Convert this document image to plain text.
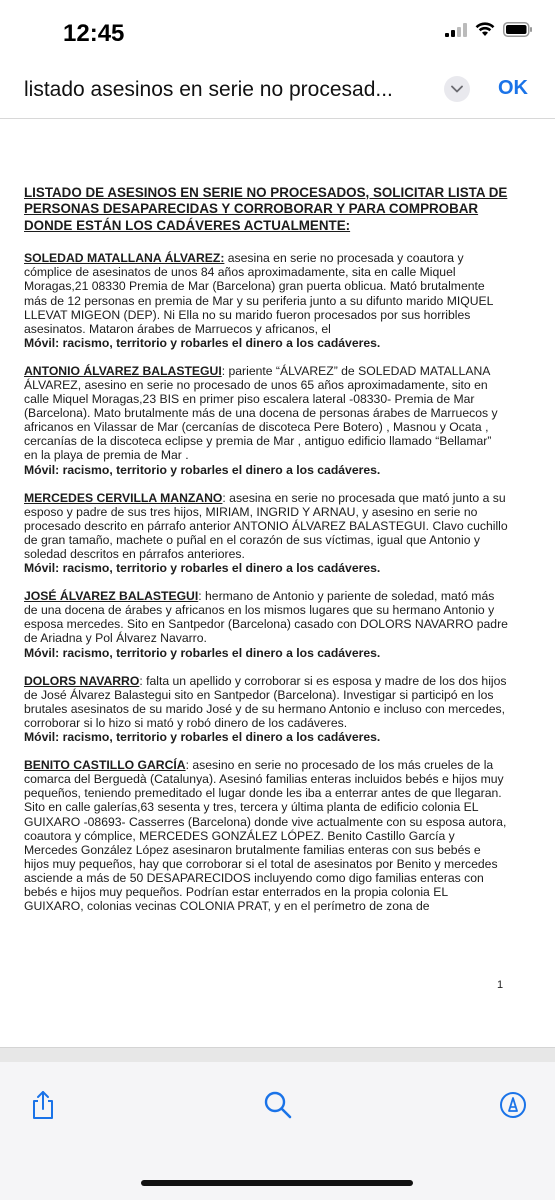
12:45
listado asesinos en serie no procesad...	OK
LISTADO DE ASESINOS EN SERIE NO PROCESADOS, SOLICITAR LISTA DE PERSONAS DESAPARECIDAS Y CORROBORAR Y PARA COMPROBAR DONDE ESTÁN LOS CADÁVERES ACTUALMENTE:
SOLEDAD MATALLANA ÁLVAREZ: asesina en serie no procesada y coautora y cómplice de asesinatos de unos 84 años aproximadamente, sita en calle Miquel Moragas,21 08330 Premia de Mar (Barcelona) gran puerta oblicua. Mató brutalmente más de 12 personas en premia de Mar y su periferia junto a su difunto marido MIQUEL LLEVAT MIGEON (DEP). Ni Ella no su marido fueron procesados por sus horribles asesinatos. Mataron árabes de Marruecos y africanos, el
Móvil: racismo, territorio y robarles el dinero a los cadáveres.
ANTONIO ÁLVAREZ BALASTEGUI: pariente “ÁLVAREZ” de SOLEDAD MATALLANA ÁLVAREZ, asesino en serie no procesado de unos 65 años aproximadamente, sito en calle Miquel Moragas,23 BIS en primer piso escalera lateral -08330- Premia de Mar (Barcelona). Mato brutalmente más de una docena de personas árabes de Marruecos y africanos en Vilassar de Mar (cercanías de discoteca Pere Botero) , Masnou y Ocata , cercanías de la discoteca eclipse y premia de Mar , antiguo edificio llamado “Bellamar” en la playa de premia de Mar .
Móvil: racismo, territorio y robarles el dinero a los cadáveres.
MERCEDES CERVILLA MANZANO: asesina en serie no procesada que mató junto a su esposo y padre de sus tres hijos, MIRIAM, INGRID Y ARNAU, y asesino en serie no procesado descrito en párrafo anterior ANTONIO ÁLVAREZ BALASTEGUI. Clavo cuchillo de gran tamaño, machete o puñal en el corazón de sus víctimas, igual que Antonio y soledad descritos en párrafos anteriores.
Móvil: racismo, territorio y robarles el dinero a los cadáveres.
JOSÉ ÁLVAREZ BALASTEGUI: hermano de Antonio y pariente de soledad, mató más de una docena de árabes y africanos en los mismos lugares que su hermano Antonio y esposa mercedes. Sito en Santpedor (Barcelona) casado con DOLORS NAVARRO padre de Ariadna y Pol Álvarez Navarro.
Móvil: racismo, territorio y robarles el dinero a los cadáveres.
DOLORS NAVARRO: falta un apellido y corroborar si es esposa y madre de los dos hijos de José Álvarez Balastegui sito en Santpedor (Barcelona). Investigar si participó en los brutales asesinatos de su marido José y de su hermano Antonio e incluso con mercedes, corroborar si lo hizo si mató y robó dinero de los cadáveres.
Móvil: racismo, territorio y robarles el dinero a los cadáveres.
BENITO CASTILLO GARCÍA: asesino en serie no procesado de los más crueles de la comarca del Berguedà (Catalunya). Asesinó familias enteras incluidos bebés e hijos muy pequeños, teniendo premeditado el lugar donde les iba a enterrar antes de que llegaran. Sito en calle galerías,63 sesenta y tres, tercera y última planta de edificio colonia EL GUIXARO -08693- Casserres (Barcelona) donde vive actualmente con su esposa autora, coautora y cómplice, MERCEDES GONZÁLEZ LÓPEZ. Benito Castillo García y Mercedes González López asesinaron brutalmente familias enteras con sus bebés e hijos muy pequeños, hay que corroborar si el total de asesinatos por Benito y mercedes asciende a más de 50 DESAPARECIDOS incluyendo como digo familias enteras con bebés e hijos muy pequeños. Podrían estar enterrados en la propia colonia EL GUIXARO, colonias vecinas COLONIA PRAT, y en el perímetro de zona de
1
